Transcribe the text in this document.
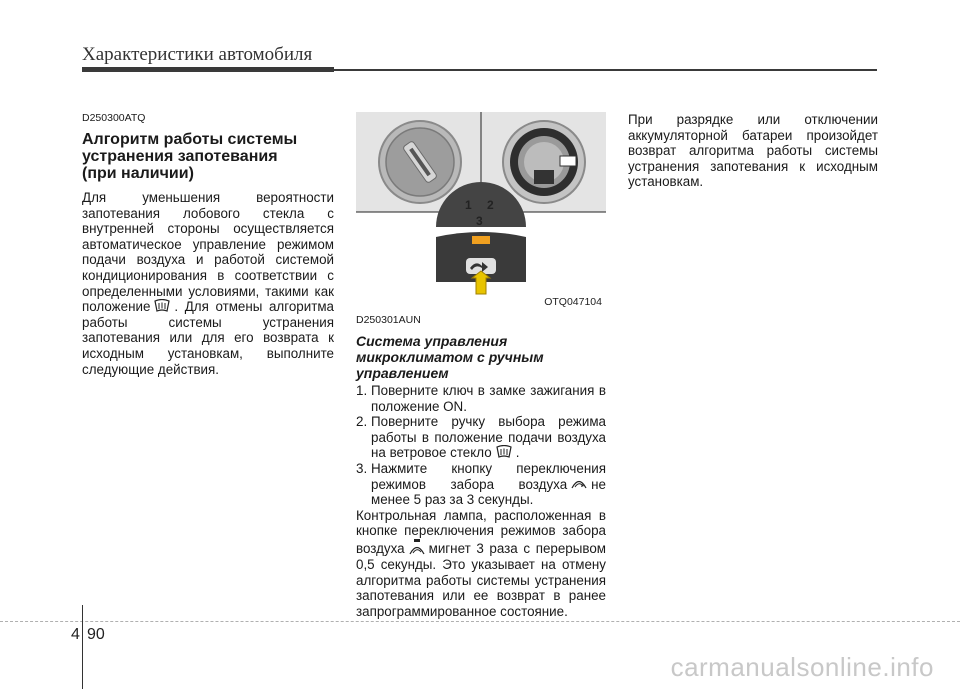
Характеристики автомобиля
D250300ATQ
Алгоритм работы системы
устранения запотевания
(при наличии)

Для уменьшения вероятности запотевания лобового стекла с внутренней стороны осуществляется автоматическое управление режимом подачи воздуха и работой системой кондиционирования в соответствии с определенными условиями, такими как положение . Для отмены алгоритма работы системы устранения запотевания или для его возврата к исходным установкам, выполните следующие действия.

1 2
3
OTQ047104
D250301AUN
Система управления
микроклиматом с ручным
управлением
1. Поверните ключ в замке зажигания в положение ON.
2. Поверните ручку выбора режима работы в положение подачи воздуха на ветровое стекло .
3. Нажмите кнопку переключения режимов забора воздуха не менее 5 раз за 3 секунды.

Контрольная лампа, расположенная в кнопке переключения режимов забора воздуха мигнет 3 раза с перерывом 0,5 секунды. Это указывает на отмену алгоритма работы системы устранения запотевания или ее возврат в ранее запрограммированное состояние.

При разрядке или отключении аккумуляторной батареи произойдет возврат алгоритма работы системы устранения запотевания к исходным установкам.

4 90
carmanualsonline.info
